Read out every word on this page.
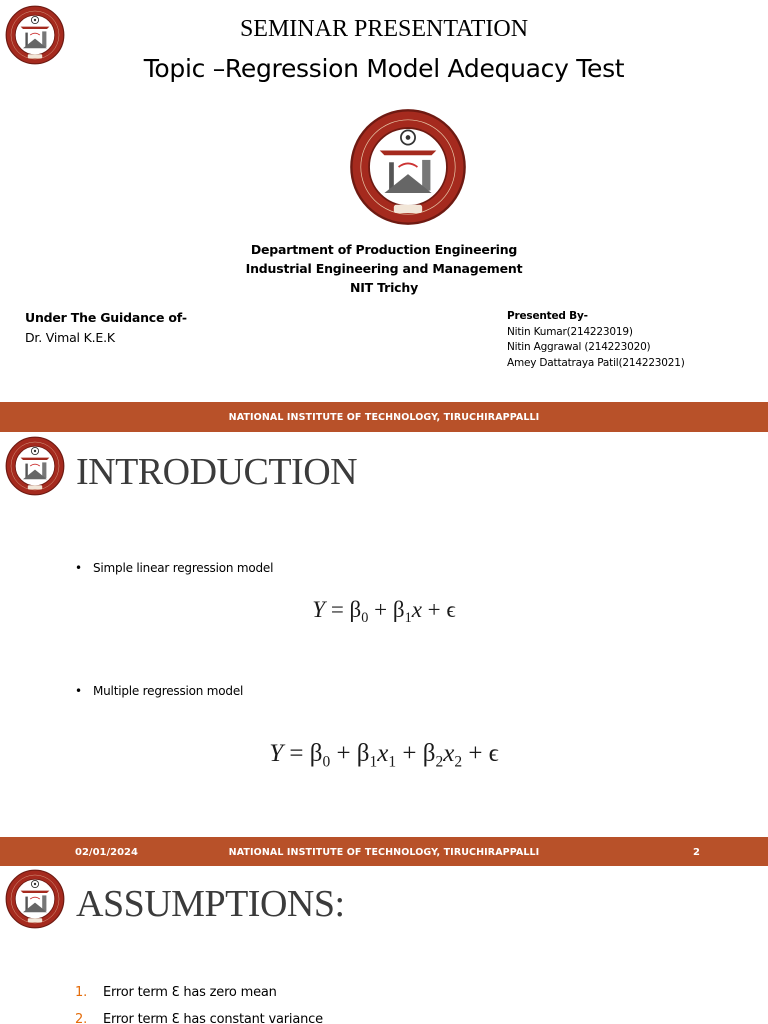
SEMINAR PRESENTATION
Topic –Regression Model Adequacy Test
Department of Production Engineering
Industrial Engineering and Management
NIT Trichy
Under The Guidance of-
Dr. Vimal K.E.K
Presented By-
Nitin Kumar(214223019)
Nitin Aggrawal (214223020)
Amey Dattatraya Patil(214223021)
NATIONAL INSTITUTE OF TECHNOLOGY, TIRUCHIRAPPALLI
INTRODUCTION
• Simple linear regression model
$Y = \beta_0 + \beta_1x + \epsilon$
• Multiple regression model
$Y = \beta_0 + \beta_1x_1 + \beta_2x_2 + \epsilon$
02/01/2024	NATIONAL INSTITUTE OF TECHNOLOGY, TIRUCHIRAPPALLI	2
ASSUMPTIONS:
1. Error term Ɛ has zero mean
2. Error term Ɛ has constant variance
